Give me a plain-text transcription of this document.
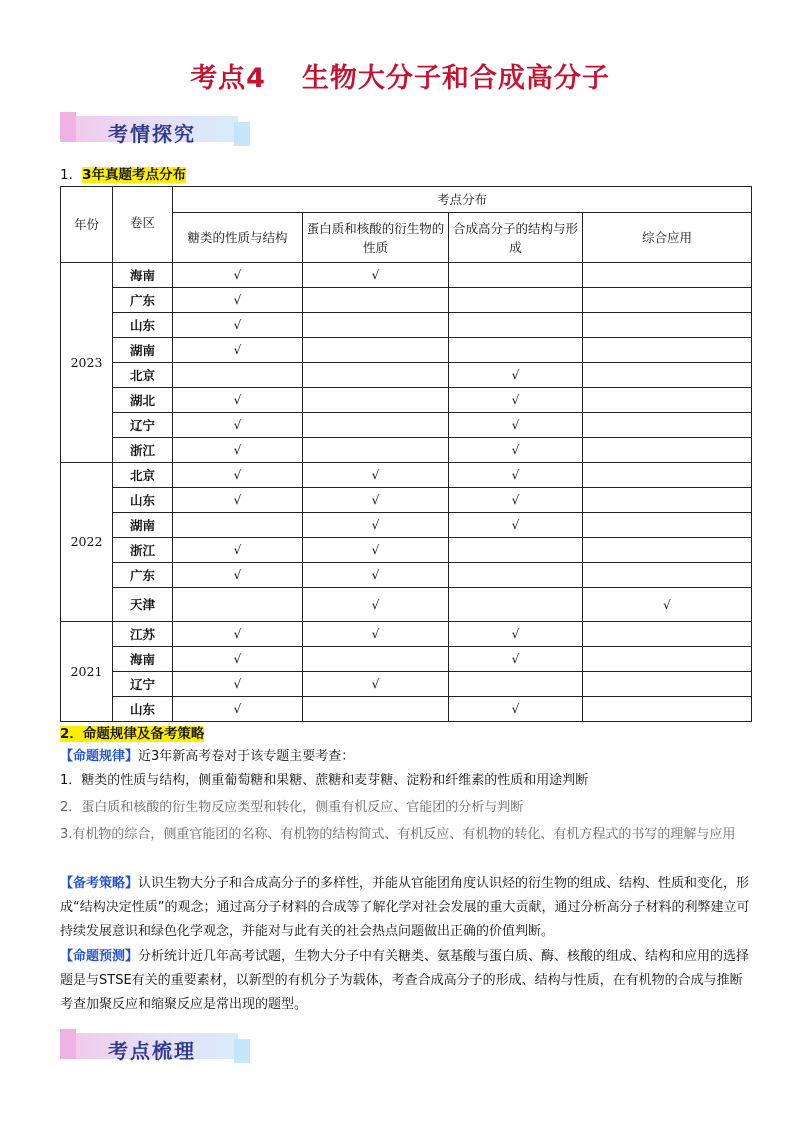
考点4 生物大分子和合成高分子
考情探究
1．3年真题考点分布
年份	卷区	考点分布			
		糖类的性质与结构	蛋白质和核酸的衍生物的性质	合成高分子的结构与形成	综合应用
2023	海南	√	√		
	广东	√			
	山东	√			
	湖南	√			
	北京			√	
	湖北	√		√	
	辽宁	√		√	
	浙江	√		√	
2022	北京	√	√	√	
	山东	√	√	√	
	湖南		√	√	
	浙江	√	√		
	广东	√	√		
	天津		√		√
2021	江苏	√	√	√	
	海南	√		√	
	辽宁	√	√		
	山东	√		√	
2．命题规律及备考策略
【命题规律】近3年新高考卷对于该专题主要考查：
1．糖类的性质与结构，侧重葡萄糖和果糖、蔗糖和麦芽糖、淀粉和纤维素的性质和用途判断
2．蛋白质和核酸的衍生物反应类型和转化，侧重有机反应、官能团的分析与判断
3.有机物的综合，侧重官能团的名称、有机物的结构简式、有机反应、有机物的转化、有机方程式的书写的理解与应用
【备考策略】认识生物大分子和合成高分子的多样性，并能从官能团角度认识烃的衍生物的组成、结构、性质和变化，形成“结构决定性质”的观念；通过高分子材料的合成等了解化学对社会发展的重大贡献，通过分析高分子材料的利弊建立可持续发展意识和绿色化学观念，并能对与此有关的社会热点问题做出正确的价值判断。
【命题预测】分析统计近几年高考试题，生物大分子中有关糖类、氨基酸与蛋白质、酶、核酸的组成、结构和应用的选择题是与STSE有关的重要素材，以新型的有机分子为载体，考查合成高分子的形成、结构与性质，在有机物的合成与推断考查加聚反应和缩聚反应是常出现的题型。
考点梳理
